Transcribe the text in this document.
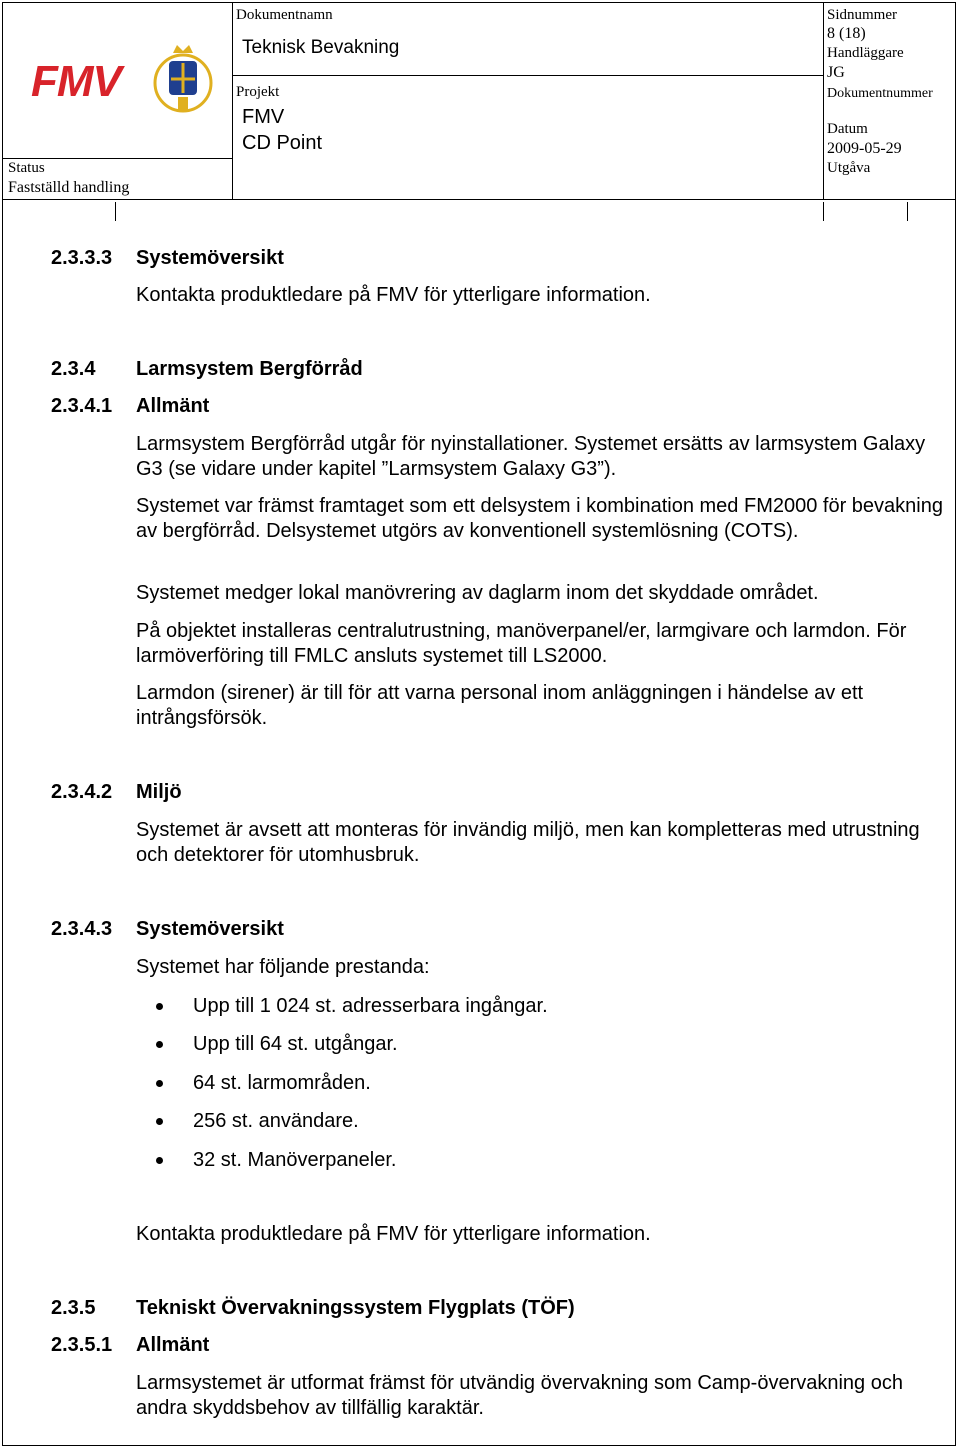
FMV
Dokumentnamn
Teknisk Bevakning
Projekt
FMV
CD Point
Sidnummer
8 (18)
Handläggare
JG
Dokumentnummer
Datum
2009-05-29
Utgåva
Status
Fastställd handling
2.3.3.3 Systemöversikt
Kontakta produktledare på FMV för ytterligare information.
2.3.4 Larmsystem Bergförråd
2.3.4.1 Allmänt
Larmsystem Bergförråd utgår för nyinstallationer. Systemet ersätts av larmsystem Galaxy G3 (se vidare under kapitel ”Larmsystem Galaxy G3”).
Systemet var främst framtaget som ett delsystem i kombination med FM2000 för bevakning av bergförråd. Delsystemet utgörs av konventionell systemlösning (COTS).
Systemet medger lokal manövrering av daglarm inom det skyddade området.
På objektet installeras centralutrustning, manöverpanel/er, larmgivare och larmdon. För larmöverföring till FMLC ansluts systemet till LS2000.
Larmdon (sirener) är till för att varna personal inom anläggningen i händelse av ett intrångsförsök.
2.3.4.2 Miljö
Systemet är avsett att monteras för invändig miljö, men kan kompletteras med utrustning och detektorer för utomhusbruk.
2.3.4.3 Systemöversikt
Systemet har följande prestanda:
Upp till 1 024 st. adresserbara ingångar.
Upp till 64 st. utgångar.
64 st. larmområden.
256 st. användare.
32 st. Manöverpaneler.
Kontakta produktledare på FMV för ytterligare information.
2.3.5 Tekniskt Övervakningssystem Flygplats (TÖF)
2.3.5.1 Allmänt
Larmsystemet är utformat främst för utvändig övervakning som Camp-övervakning och andra skyddsbehov av tillfällig karaktär.
